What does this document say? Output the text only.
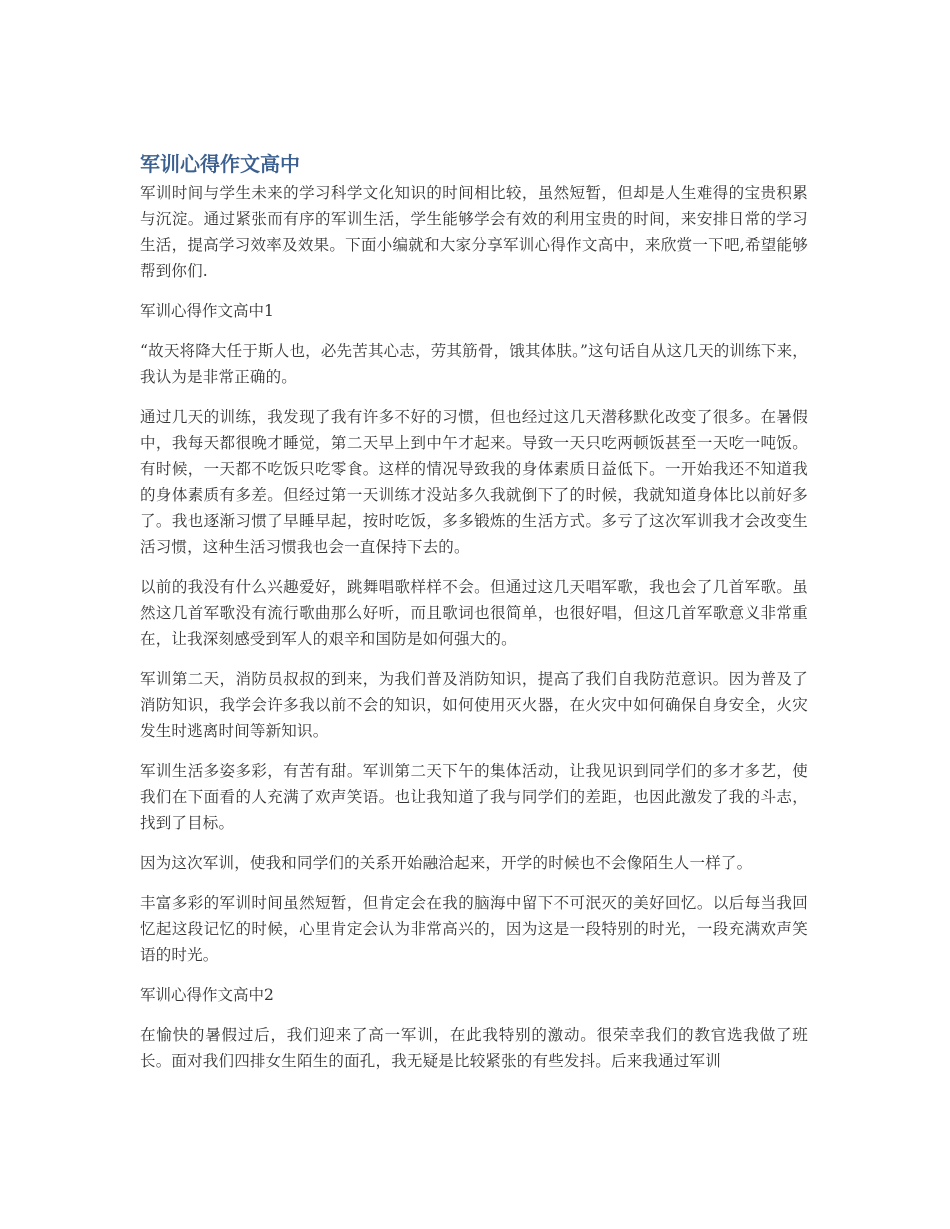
军训心得作文高中

军训时间与学生未来的学习科学文化知识的时间相比较，虽然短暂，但却是人生难得的宝贵积累与沉淀。通过紧张而有序的军训生活，学生能够学会有效的利用宝贵的时间，来安排日常的学习生活，提高学习效率及效果。下面小编就和大家分享军训心得作文高中，来欣赏一下吧,希望能够帮到你们.

军训心得作文高中1

“故天将降大任于斯人也，必先苦其心志，劳其筋骨，饿其体肤。”这句话自从这几天的训练下来，我认为是非常正确的。

通过几天的训练，我发现了我有许多不好的习惯，但也经过这几天潜移默化改变了很多。在暑假中，我每天都很晚才睡觉，第二天早上到中午才起来。导致一天只吃两顿饭甚至一天吃一吨饭。有时候，一天都不吃饭只吃零食。这样的情况导致我的身体素质日益低下。一开始我还不知道我的身体素质有多差。但经过第一天训练才没站多久我就倒下了的时候，我就知道身体比以前好多了。我也逐渐习惯了早睡早起，按时吃饭，多多锻炼的生活方式。多亏了这次军训我才会改变生活习惯，这种生活习惯我也会一直保持下去的。

以前的我没有什么兴趣爱好，跳舞唱歌样样不会。但通过这几天唱军歌，我也会了几首军歌。虽然这几首军歌没有流行歌曲那么好听，而且歌词也很简单，也很好唱，但这几首军歌意义非常重在，让我深刻感受到军人的艰辛和国防是如何强大的。

军训第二天，消防员叔叔的到来，为我们普及消防知识，提高了我们自我防范意识。因为普及了消防知识，我学会许多我以前不会的知识，如何使用灭火器，在火灾中如何确保自身安全，火灾发生时逃离时间等新知识。

军训生活多姿多彩，有苦有甜。军训第二天下午的集体活动，让我见识到同学们的多才多艺，使我们在下面看的人充满了欢声笑语。也让我知道了我与同学们的差距，也因此激发了我的斗志，找到了目标。

因为这次军训，使我和同学们的关系开始融洽起来，开学的时候也不会像陌生人一样了。

丰富多彩的军训时间虽然短暂，但肯定会在我的脑海中留下不可泯灭的美好回忆。以后每当我回忆起这段记忆的时候，心里肯定会认为非常高兴的，因为这是一段特别的时光，一段充满欢声笑语的时光。

军训心得作文高中2

在愉快的暑假过后，我们迎来了高一军训，在此我特别的激动。很荣幸我们的教官选我做了班长。面对我们四排女生陌生的面孔，我无疑是比较紧张的有些发抖。后来我通过军训
